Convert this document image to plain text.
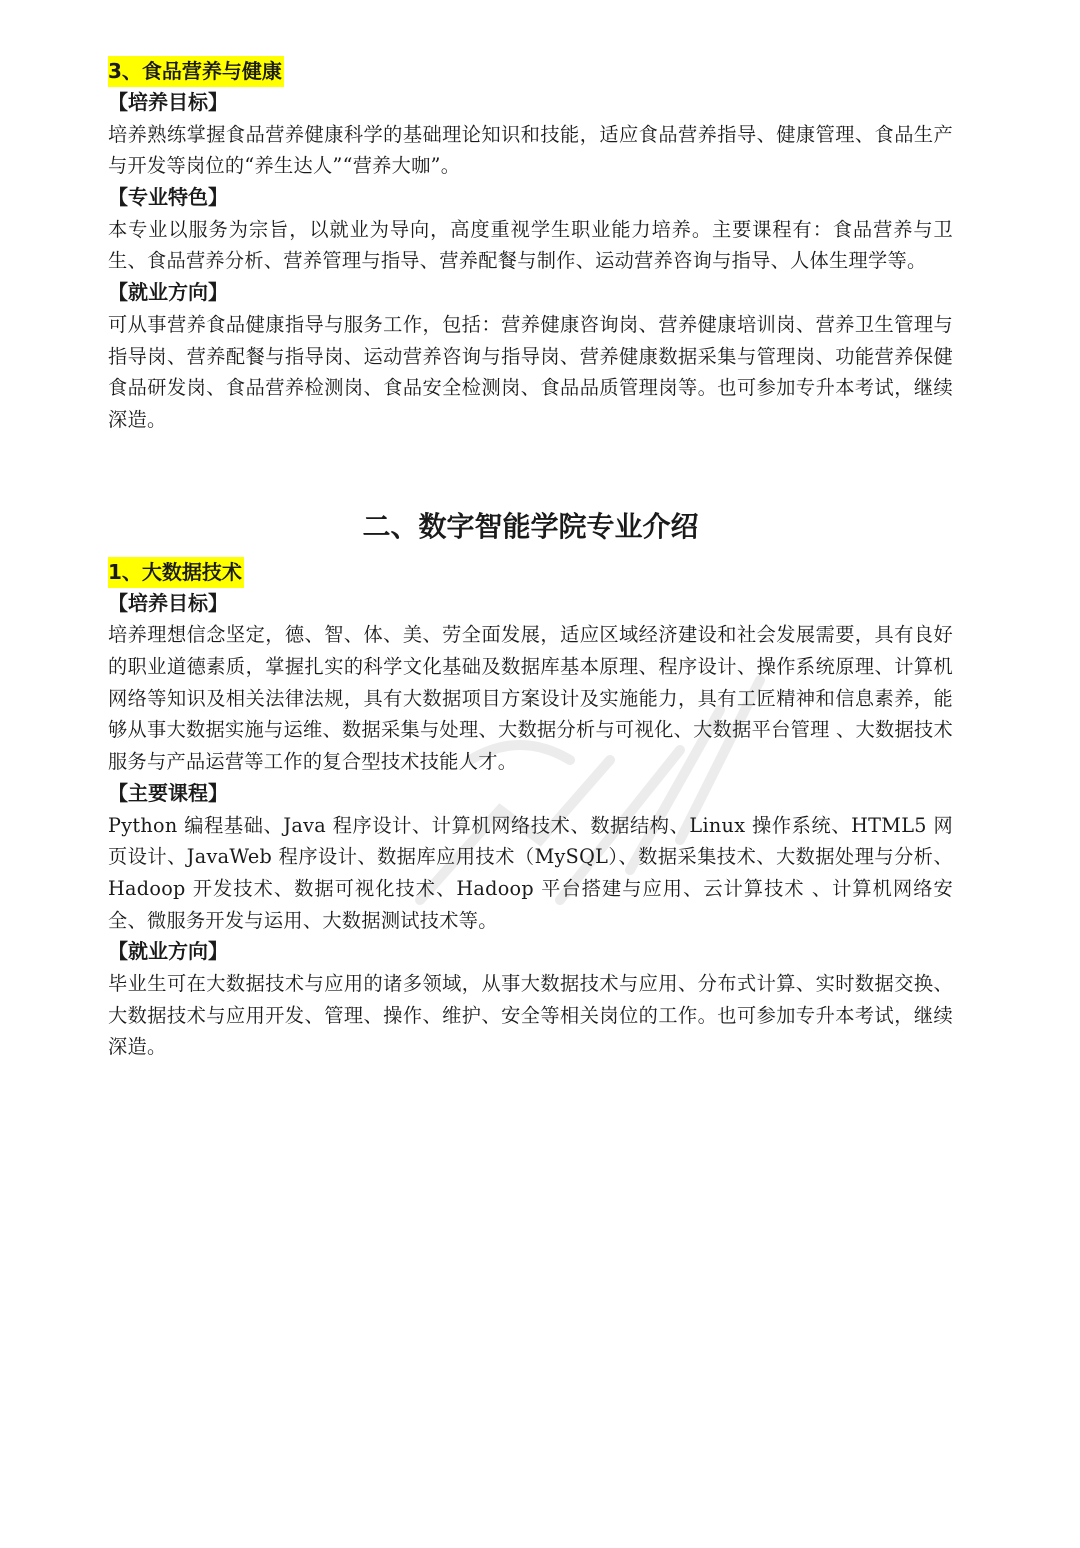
3、食品营养与健康

【培养目标】

培养熟练掌握食品营养健康科学的基础理论知识和技能，适应食品营养指导、健康管理、食品生产与开发等岗位的“养生达人”“营养大咖”。

【专业特色】

本专业以服务为宗旨，以就业为导向，高度重视学生职业能力培养。主要课程有：食品营养与卫生、食品营养分析、营养管理与指导、营养配餐与制作、运动营养咨询与指导、人体生理学等。

【就业方向】

可从事营养食品健康指导与服务工作，包括：营养健康咨询岗、营养健康培训岗、营养卫生管理与指导岗、营养配餐与指导岗、运动营养咨询与指导岗、营养健康数据采集与管理岗、功能营养保健食品研发岗、食品营养检测岗、食品安全检测岗、食品品质管理岗等。也可参加专升本考试，继续深造。

二、数字智能学院专业介绍
1、大数据技术

【培养目标】

培养理想信念坚定，德、智、体、美、劳全面发展，适应区域经济建设和社会发展需要，具有良好的职业道德素质，掌握扎实的科学文化基础及数据库基本原理、程序设计、操作系统原理、计算机网络等知识及相关法律法规，具有大数据项目方案设计及实施能力，具有工匠精神和信息素养，能够从事大数据实施与运维、数据采集与处理、大数据分析与可视化、大数据平台管理 、大数据技术服务与产品运营等工作的复合型技术技能人才。

【主要课程】

Python 编程基础、Java 程序设计、计算机网络技术、数据结构、Linux 操作系统、HTML5 网页设计、JavaWeb 程序设计、数据库应用技术（MySQL）、数据采集技术、大数据处理与分析、Hadoop 开发技术、数据可视化技术、Hadoop 平台搭建与应用、云计算技术 、计算机网络安全、微服务开发与运用、大数据测试技术等。

【就业方向】

毕业生可在大数据技术与应用的诸多领域，从事大数据技术与应用、分布式计算、实时数据交换、大数据技术与应用开发、管理、操作、维护、安全等相关岗位的工作。也可参加专升本考试，继续深造。
